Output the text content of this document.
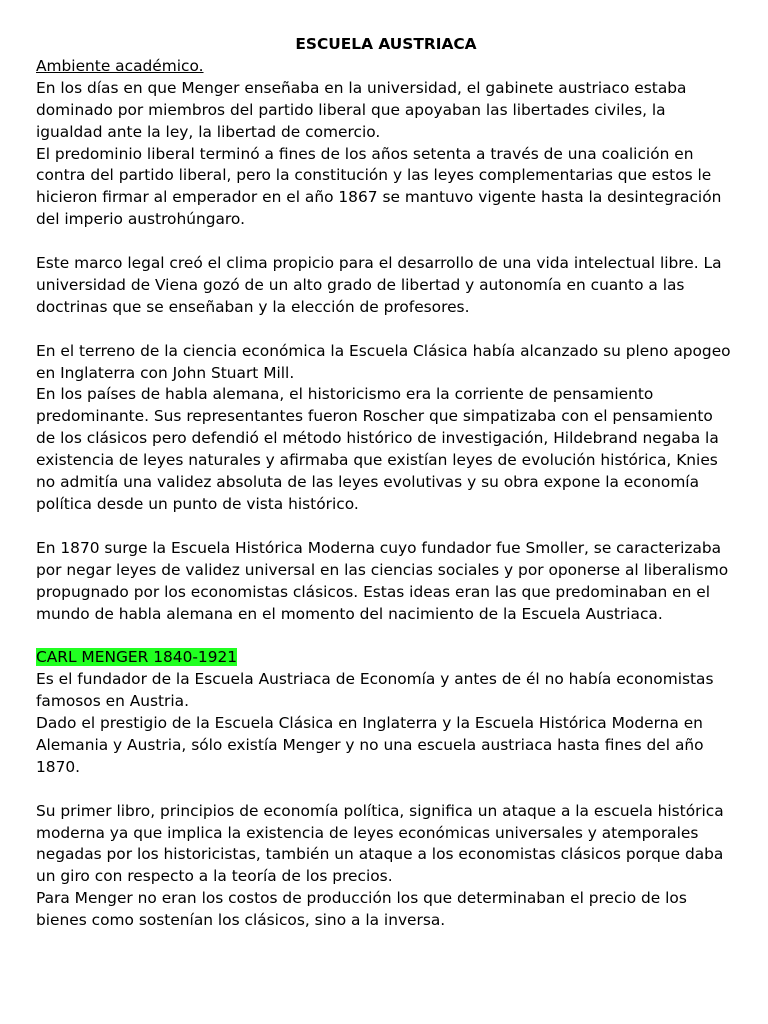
ESCUELA AUSTRIACA
Ambiente académico.
En los días en que Menger enseñaba en la universidad, el gabinete austriaco estaba dominado por miembros del partido liberal que apoyaban las libertades civiles, la igualdad ante la ley, la libertad de comercio.
El predominio liberal terminó a fines de los años setenta a través de una coalición en contra del partido liberal, pero la constitución y las leyes complementarias que estos le hicieron firmar al emperador en el año 1867 se mantuvo vigente hasta la desintegración del imperio austrohúngaro.
Este marco legal creó el clima propicio para el desarrollo de una vida intelectual libre. La universidad de Viena gozó de un alto grado de libertad y autonomía en cuanto a las doctrinas que se enseñaban y la elección de profesores.
En el terreno de la ciencia económica la Escuela Clásica había alcanzado su pleno apogeo en Inglaterra con John Stuart Mill.
En los países de habla alemana, el historicismo era la corriente de pensamiento predominante. Sus representantes fueron Roscher que simpatizaba con el pensamiento de los clásicos pero defendió el método histórico de investigación, Hildebrand negaba la existencia de leyes naturales y afirmaba que existían leyes de evolución histórica, Knies no admitía una validez absoluta de las leyes evolutivas y su obra expone la economía política desde un punto de vista histórico.
En 1870 surge la Escuela Histórica Moderna cuyo fundador fue Smoller, se caracterizaba por negar leyes de validez universal en las ciencias sociales y por oponerse al liberalismo propugnado por los economistas clásicos. Estas ideas eran las que predominaban en el mundo de habla alemana en el momento del nacimiento de la Escuela Austriaca.
CARL MENGER 1840-1921
Es el fundador de la Escuela Austriaca de Economía y antes de él no había economistas famosos en Austria.
Dado el prestigio de la Escuela Clásica en Inglaterra y la Escuela Histórica Moderna en Alemania y Austria, sólo existía Menger y no una escuela austriaca hasta fines del año 1870.
Su primer libro, principios de economía política, significa un ataque a la escuela histórica moderna ya que implica la existencia de leyes económicas universales y atemporales negadas por los historicistas, también un ataque a los economistas clásicos porque daba un giro con respecto a la teoría de los precios.
Para Menger no eran los costos de producción los que determinaban el precio de los bienes como sostenían los clásicos, sino a la inversa.
